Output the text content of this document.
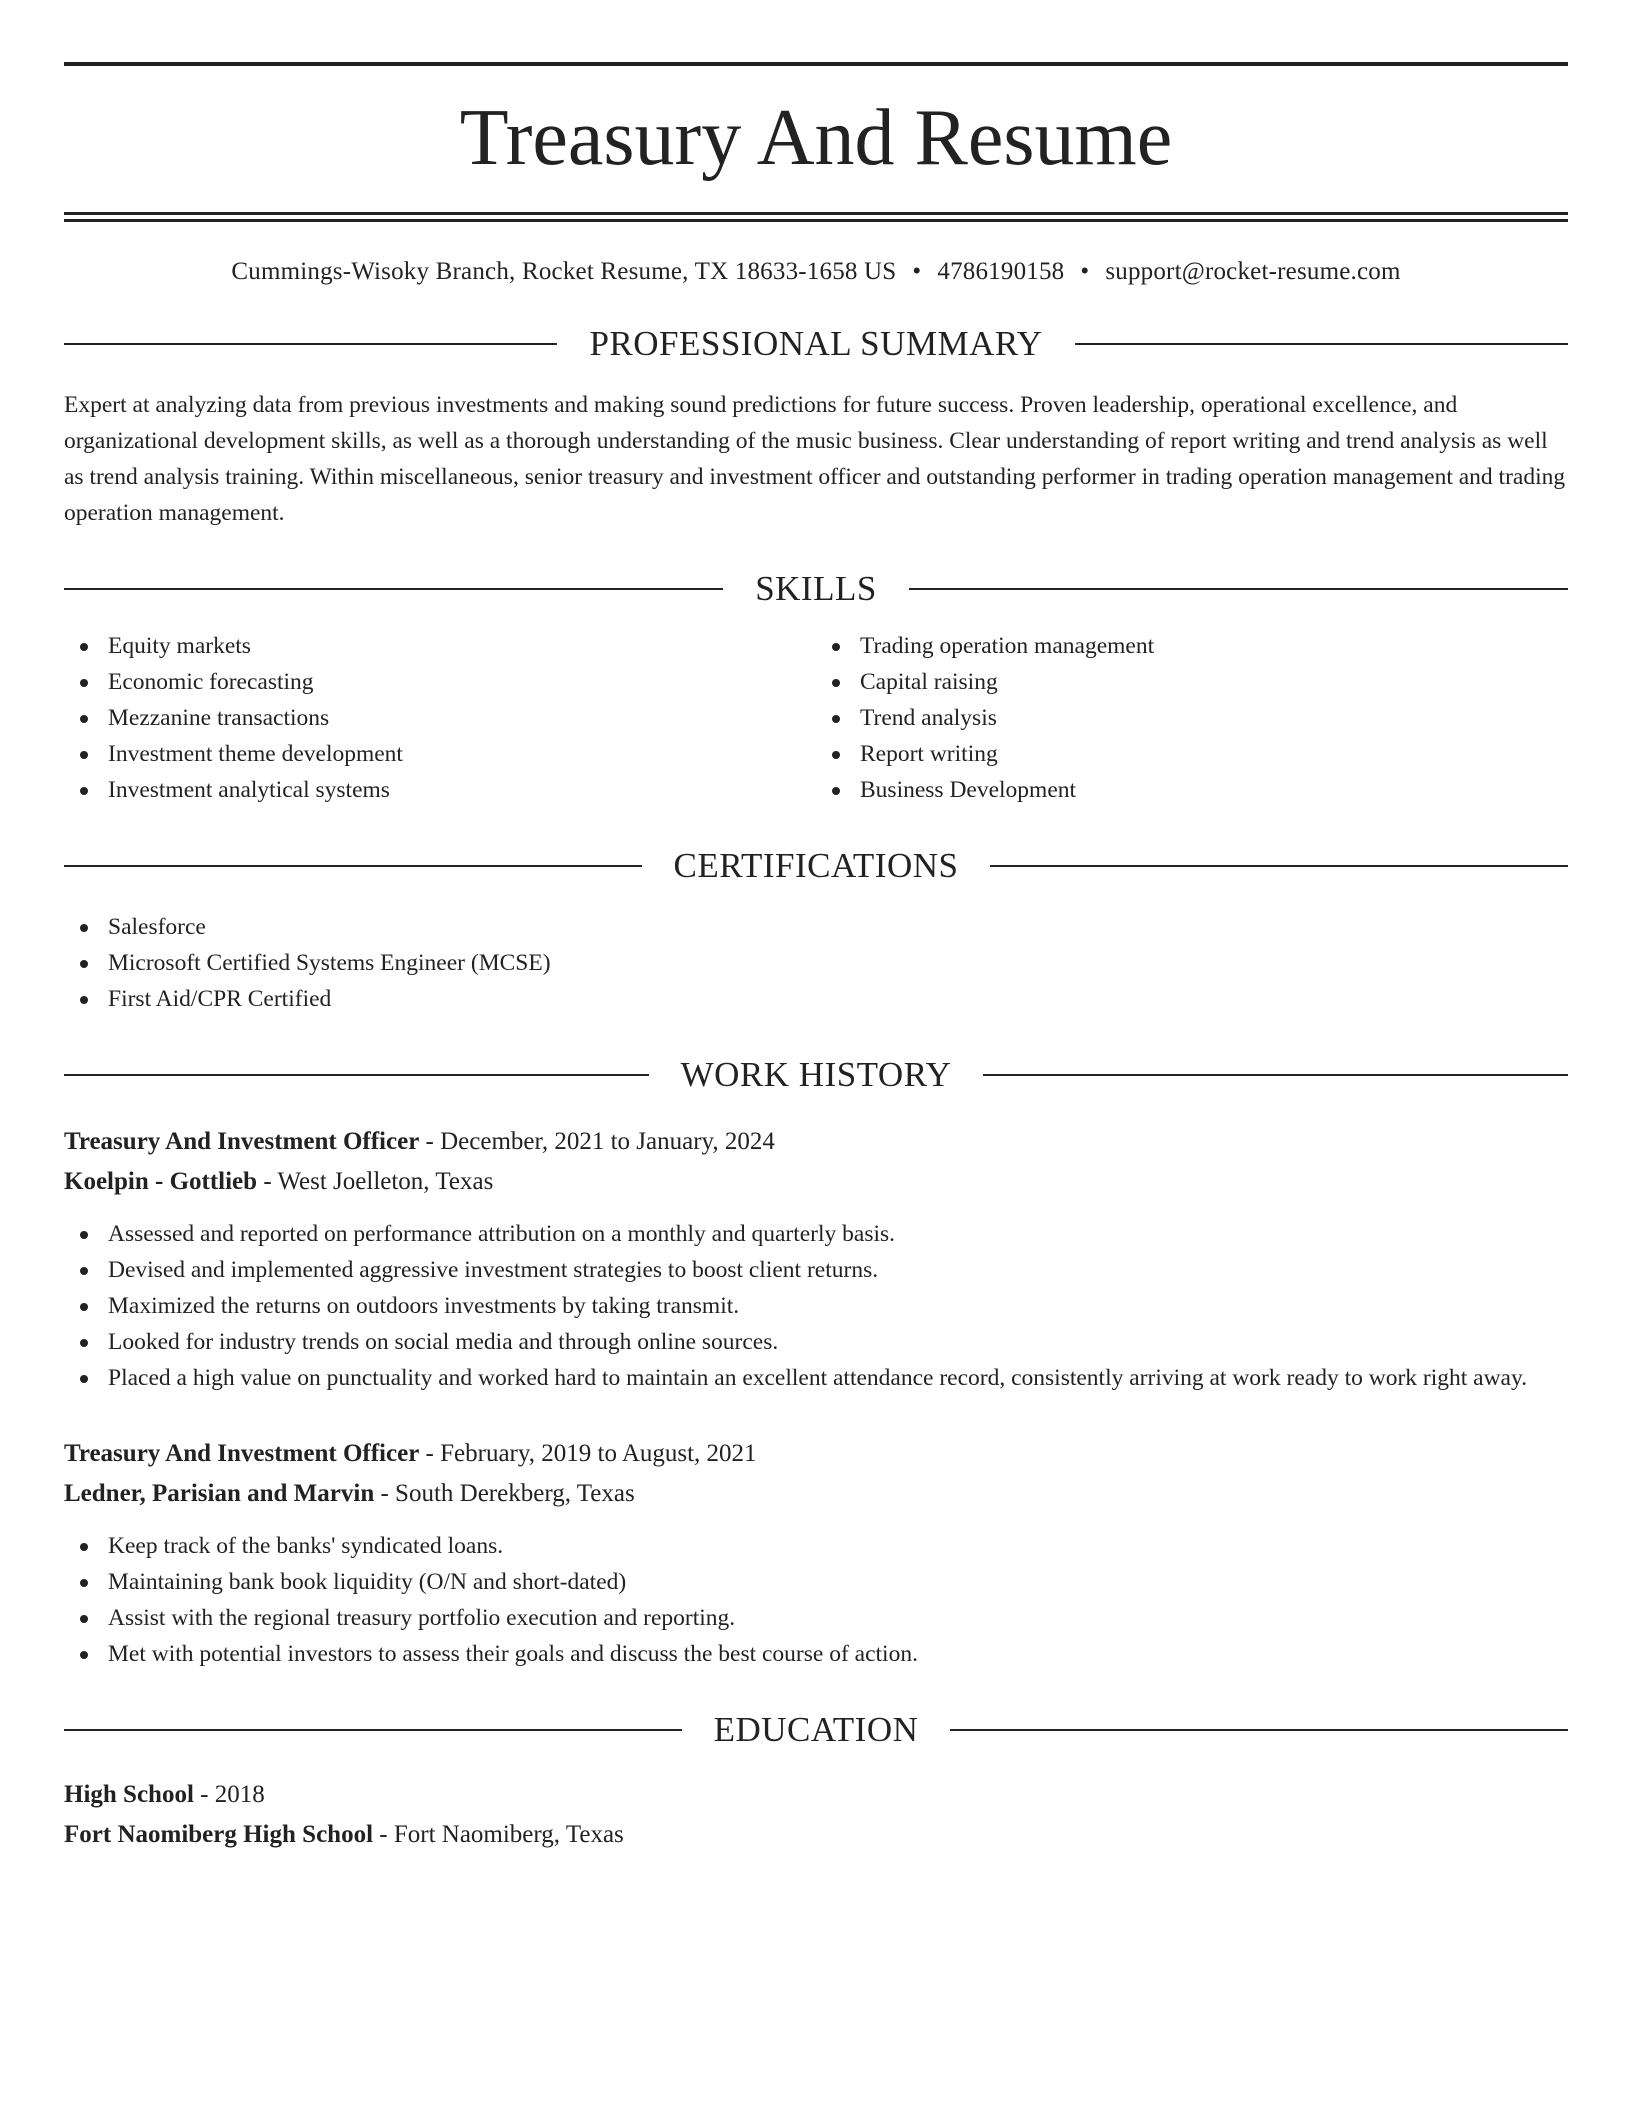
Treasury And Resume
Cummings-Wisoky Branch, Rocket Resume, TX 18633-1658 US • 4786190158 • support@rocket-resume.com
PROFESSIONAL SUMMARY

Expert at analyzing data from previous investments and making sound predictions for future success. Proven leadership, operational excellence, and organizational development skills, as well as a thorough understanding of the music business. Clear understanding of report writing and trend analysis as well as trend analysis training. Within miscellaneous, senior treasury and investment officer and outstanding performer in trading operation management and trading operation management.

SKILLS
Equity markets
Economic forecasting
Mezzanine transactions
Investment theme development
Investment analytical systems
Trading operation management
Capital raising
Trend analysis
Report writing
Business Development
CERTIFICATIONS
Salesforce
Microsoft Certified Systems Engineer (MCSE)
First Aid/CPR Certified
WORK HISTORY
Treasury And Investment Officer - December, 2021 to January, 2024
Koelpin - Gottlieb - West Joelleton, Texas
Assessed and reported on performance attribution on a monthly and quarterly basis.
Devised and implemented aggressive investment strategies to boost client returns.
Maximized the returns on outdoors investments by taking transmit.
Looked for industry trends on social media and through online sources.
Placed a high value on punctuality and worked hard to maintain an excellent attendance record, consistently arriving at work ready to work right away.
Treasury And Investment Officer - February, 2019 to August, 2021
Ledner, Parisian and Marvin - South Derekberg, Texas
Keep track of the banks' syndicated loans.
Maintaining bank book liquidity (O/N and short-dated)
Assist with the regional treasury portfolio execution and reporting.
Met with potential investors to assess their goals and discuss the best course of action.
EDUCATION
High School - 2018
Fort Naomiberg High School - Fort Naomiberg, Texas
